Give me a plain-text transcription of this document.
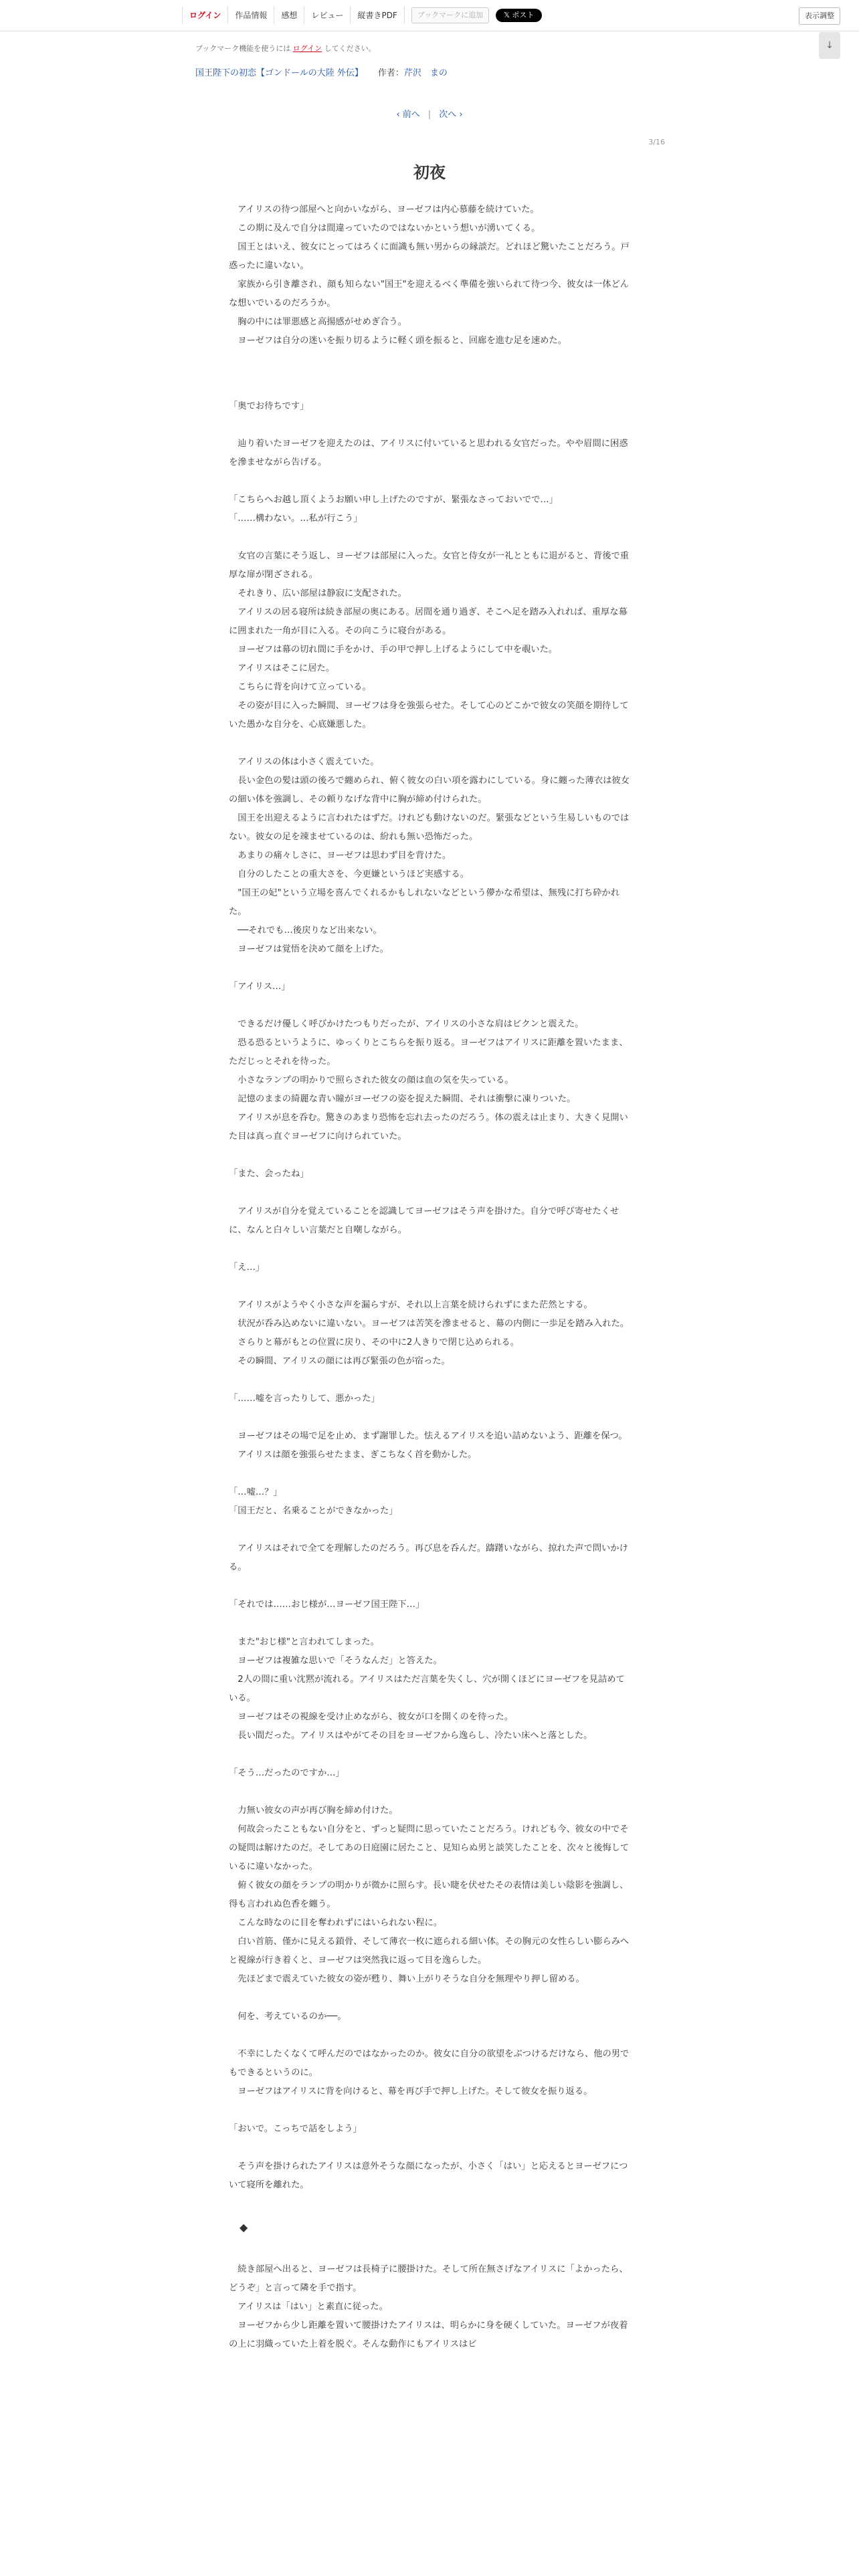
ログイン	作品情報	感想	レビュー	縦書きPDF	ブックマークに追加	𝕏 ポスト	表示調整
↓
ブックマーク機能を使うには ログイン してください。
国王陛下の初恋【ゴンドールの大陸 外伝】 作者：芹沢　まの
‹ 前へ | 次へ ›
3/16
初夜

　アイリスの待つ部屋へと向かいながら、ヨーゼフは内心慕藤を続けていた。

　この期に及んで自分は間違っていたのではないかという想いが湧いてくる。

　国王とはいえ、彼女にとってはろくに面識も無い男からの縁談だ。どれほど驚いたことだろう。戸惑ったに違いない。

　家族から引き離され、顔も知らない"国王"を迎えるべく準備を強いられて待つ今、彼女は一体どんな想いでいるのだろうか。

　胸の中には罪悪感と高揚感がせめぎ合う。

　ヨーゼフは自分の迷いを振り切るように軽く頭を振ると、回廊を進む足を速めた。

「奥でお待ちです」

　辿り着いたヨーゼフを迎えたのは、アイリスに付いていると思われる女官だった。やや眉間に困惑を滲ませながら告げる。

「こちらへお越し頂くようお願い申し上げたのですが、緊張なさっておいでで…」

「……構わない。…私が行こう」

　女官の言葉にそう返し、ヨーゼフは部屋に入った。女官と侍女が一礼とともに退がると、背後で重厚な扉が閉ざされる。

　それきり、広い部屋は静寂に支配された。

　アイリスの居る寝所は続き部屋の奥にある。居間を通り過ぎ、そこへ足を踏み入れれば、重厚な幕に囲まれた一角が目に入る。その向こうに寝台がある。

　ヨーゼフは幕の切れ間に手をかけ、手の甲で押し上げるようにして中を覗いた。

　アイリスはそこに居た。

　こちらに背を向けて立っている。

　その姿が目に入った瞬間、ヨーゼフは身を強張らせた。そして心のどこかで彼女の笑顔を期待していた愚かな自分を、心底嫌悪した。

　アイリスの体は小さく震えていた。

　長い金色の髪は頭の後ろで纏められ、俯く彼女の白い項を露わにしている。身に纏った薄衣は彼女の細い体を強調し、その頼りなげな背中に胸が締め付けられた。

　国王を出迎えるように言われたはずだ。けれども動けないのだ。緊張などという生易しいものではない。彼女の足を竦ませているのは、紛れも無い恐怖だった。

　あまりの痛々しさに、ヨーゼフは思わず目を背けた。

　自分のしたことの重大さを、今更嫌というほど実感する。

　"国王の妃"という立場を喜んでくれるかもしれないなどという儚かな希望は、無残に打ち砕かれた。

　──それでも…後戻りなど出来ない。

　ヨーゼフは覚悟を決めて顔を上げた。

「アイリス…」

　できるだけ優しく呼びかけたつもりだったが、アイリスの小さな肩はビクンと震えた。

　恐る恐るというように、ゆっくりとこちらを振り返る。ヨーゼフはアイリスに距離を置いたまま、ただじっとそれを待った。

　小さなランプの明かりで照らされた彼女の顔は血の気を失っている。

　記憶のままの綺麗な青い瞳がヨーゼフの姿を捉えた瞬間、それは衝撃に凍りついた。

　アイリスが息を呑む。驚きのあまり恐怖を忘れ去ったのだろう。体の震えは止まり、大きく見開いた目は真っ直ぐヨーゼフに向けられていた。

「また、会ったね」

　アイリスが自分を覚えていることを認識してヨーゼフはそう声を掛けた。自分で呼び寄せたくせに、なんと白々しい言葉だと自嘲しながら。

「え…」

　アイリスがようやく小さな声を漏らすが、それ以上言葉を続けられずにまた茫然とする。

　状況が呑み込めないに違いない。ヨーゼフは苦笑を滲ませると、幕の内側に一歩足を踏み入れた。

　さらりと幕がもとの位置に戻り、その中に2人きりで閉じ込められる。

　その瞬間、アイリスの顔には再び緊張の色が宿った。

「……嘘を言ったりして、悪かった」

　ヨーゼフはその場で足を止め、まず謝罪した。怯えるアイリスを追い詰めないよう、距離を保つ。

　アイリスは顔を強張らせたまま、ぎこちなく首を動かした。

「…嘘…？」

「国王だと、名乗ることができなかった」

　アイリスはそれで全てを理解したのだろう。再び息を呑んだ。躊躇いながら、掠れた声で問いかける。

「それでは……おじ様が…ヨーゼフ国王陛下…」

　また"おじ様"と言われてしまった。

　ヨーゼフは複雑な思いで「そうなんだ」と答えた。

　2人の間に重い沈黙が流れる。アイリスはただ言葉を失くし、穴が開くほどにヨーゼフを見詰めている。

　ヨーゼフはその視線を受け止めながら、彼女が口を開くのを待った。

　長い間だった。アイリスはやがてその目をヨーゼフから逸らし、冷たい床へと落とした。

「そう…だったのですか…」

　力無い彼女の声が再び胸を締め付けた。

　何故会ったこともない自分をと、ずっと疑問に思っていたことだろう。けれども今、彼女の中でその疑問は解けたのだ。そしてあの日庭園に居たこと、見知らぬ男と談笑したことを、次々と後悔しているに違いなかった。

　俯く彼女の顔をランプの明かりが微かに照らす。長い睫を伏せたその表情は美しい陰影を強調し、得も言われぬ色香を纏う。

　こんな時なのに目を奪われずにはいられない程に。

　白い首筋、僅かに見える鎖骨、そして薄衣一枚に遮られる細い体。その胸元の女性らしい膨らみへと視線が行き着くと、ヨーゼフは突然我に返って目を逸らした。

　先ほどまで震えていた彼女の姿が甦り、舞い上がりそうな自分を無理やり押し留める。

　何を、考えているのか──。

　不幸にしたくなくて呼んだのではなかったのか。彼女に自分の欲望をぶつけるだけなら、他の男でもできるというのに。

　ヨーゼフはアイリスに背を向けると、幕を再び手で押し上げた。そして彼女を振り返る。

「おいで。こっちで話をしよう」

　そう声を掛けられたアイリスは意外そうな顔になったが、小さく「はい」と応えるとヨーゼフについて寝所を離れた。

◆

　続き部屋へ出ると、ヨーゼフは長椅子に腰掛けた。そして所在無さげなアイリスに「よかったら、どうぞ」と言って隣を手で指す。

　アイリスは「はい」と素直に従った。

　ヨーゼフから少し距離を置いて腰掛けたアイリスは、明らかに身を硬くしていた。ヨーゼフが夜着の上に羽織っていた上着を脱ぐ。そんな動作にもアイリスはビ
